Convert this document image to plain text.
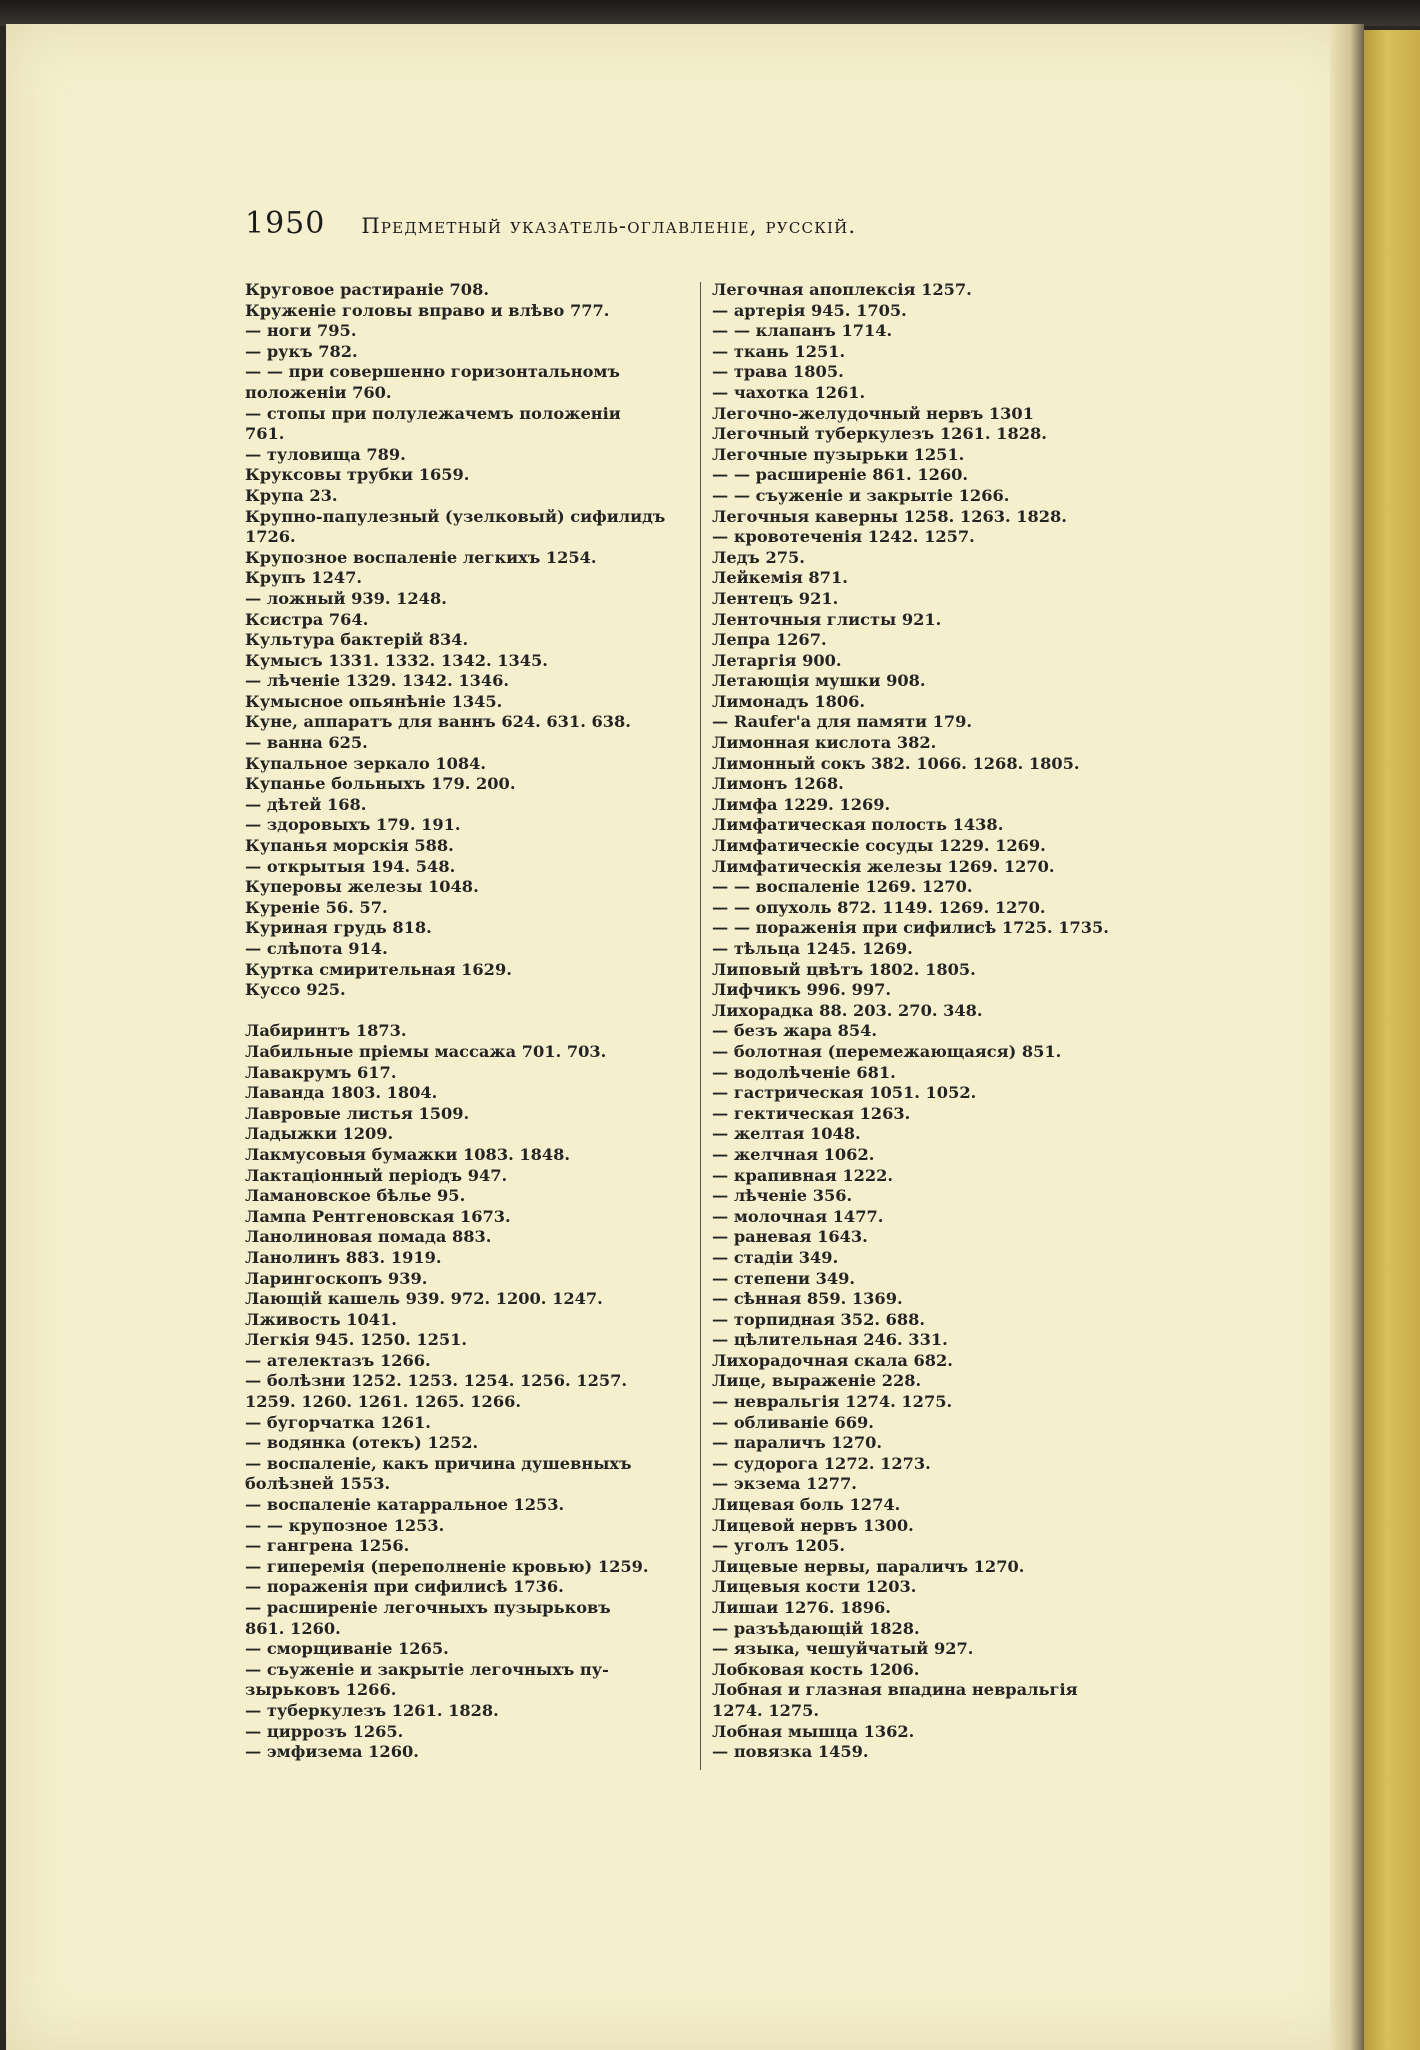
1950 Предметный указатель-оглавленіе, русскій.
Круговое растираніе 708.
Круженіе головы вправо и влѣво 777.
— ноги 795.
— рукъ 782.
— — при совершенно горизонтальномъ
положеніи 760.
— стопы при полулежачемъ положеніи
761.
— туловища 789.
Круксовы трубки 1659.
Крупа 23.
Крупно-папулезный (узелковый) сифилидъ
1726.
Крупозное воспаленіе легкихъ 1254.
Крупъ 1247.
— ложный 939. 1248.
Ксистра 764.
Культура бактерій 834.
Кумысъ 1331. 1332. 1342. 1345.
— лѣченіе 1329. 1342. 1346.
Кумысное опьянѣніе 1345.
Куне, аппаратъ для ваннъ 624. 631. 638.
— ванна 625.
Купальное зеркало 1084.
Купанье больныхъ 179. 200.
— дѣтей 168.
— здоровыхъ 179. 191.
Купанья морскія 588.
— открытыя 194. 548.
Куперовы железы 1048.
Куреніе 56. 57.
Куриная грудь 818.
— слѣпота 914.
Куртка смирительная 1629.
Куссо 925.
Лабиринтъ 1873.
Лабильные пріемы массажа 701. 703.
Лавакрумъ 617.
Лаванда 1803. 1804.
Лавровые листья 1509.
Ладыжки 1209.
Лакмусовыя бумажки 1083. 1848.
Лактаціонный періодъ 947.
Ламановское бѣлье 95.
Лампа Рентгеновская 1673.
Ланолиновая помада 883.
Ланолинъ 883. 1919.
Ларингоскопъ 939.
Лающій кашель 939. 972. 1200. 1247.
Лживость 1041.
Легкія 945. 1250. 1251.
— ателектазъ 1266.
— болѣзни 1252. 1253. 1254. 1256. 1257.
1259. 1260. 1261. 1265. 1266.
— бугорчатка 1261.
— водянка (отекъ) 1252.
— воспаленіе, какъ причина душевныхъ
болѣзней 1553.
— воспаленіе катарральное 1253.
— — крупозное 1253.
— гангрена 1256.
— гиперемія (переполненіе кровью) 1259.
— пораженія при сифилисѣ 1736.
— расширеніе легочныхъ пузырьковъ
861. 1260.
— сморщиваніе 1265.
— съуженіе и закрытіе легочныхъ пу-
зырьковъ 1266.
— туберкулезъ 1261. 1828.
— циррозъ 1265.
— эмфизема 1260.
Легочная апоплексія 1257.
— артерія 945. 1705.
— — клапанъ 1714.
— ткань 1251.
— трава 1805.
— чахотка 1261.
Легочно-желудочный нервъ 1301
Легочный туберкулезъ 1261. 1828.
Легочные пузырьки 1251.
— — расширеніе 861. 1260.
— — съуженіе и закрытіе 1266.
Легочныя каверны 1258. 1263. 1828.
— кровотеченія 1242. 1257.
Ледъ 275.
Лейкемія 871.
Лентецъ 921.
Ленточныя глисты 921.
Лепра 1267.
Летаргія 900.
Летающія мушки 908.
Лимонадъ 1806.
— Raufer'а для памяти 179.
Лимонная кислота 382.
Лимонный сокъ 382. 1066. 1268. 1805.
Лимонъ 1268.
Лимфа 1229. 1269.
Лимфатическая полость 1438.
Лимфатическіе сосуды 1229. 1269.
Лимфатическія железы 1269. 1270.
— — воспаленіе 1269. 1270.
— — опухоль 872. 1149. 1269. 1270.
— — пораженія при сифилисѣ 1725. 1735.
— тѣльца 1245. 1269.
Липовый цвѣтъ 1802. 1805.
Лифчикъ 996. 997.
Лихорадка 88. 203. 270. 348.
— безъ жара 854.
— болотная (перемежающаяся) 851.
— водолѣченіе 681.
— гастрическая 1051. 1052.
— гектическая 1263.
— желтая 1048.
— желчная 1062.
— крапивная 1222.
— лѣченіе 356.
— молочная 1477.
— раневая 1643.
— стадіи 349.
— степени 349.
— сѣнная 859. 1369.
— торпидная 352. 688.
— цѣлительная 246. 331.
Лихорадочная скала 682.
Лице, выраженіе 228.
— невральгія 1274. 1275.
— обливаніе 669.
— параличъ 1270.
— судорога 1272. 1273.
— экзема 1277.
Лицевая боль 1274.
Лицевой нервъ 1300.
— уголъ 1205.
Лицевые нервы, параличъ 1270.
Лицевыя кости 1203.
Лишаи 1276. 1896.
— разъѣдающій 1828.
— языка, чешуйчатый 927.
Лобковая кость 1206.
Лобная и глазная впадина невральгія
1274. 1275.
Лобная мышца 1362.
— повязка 1459.
